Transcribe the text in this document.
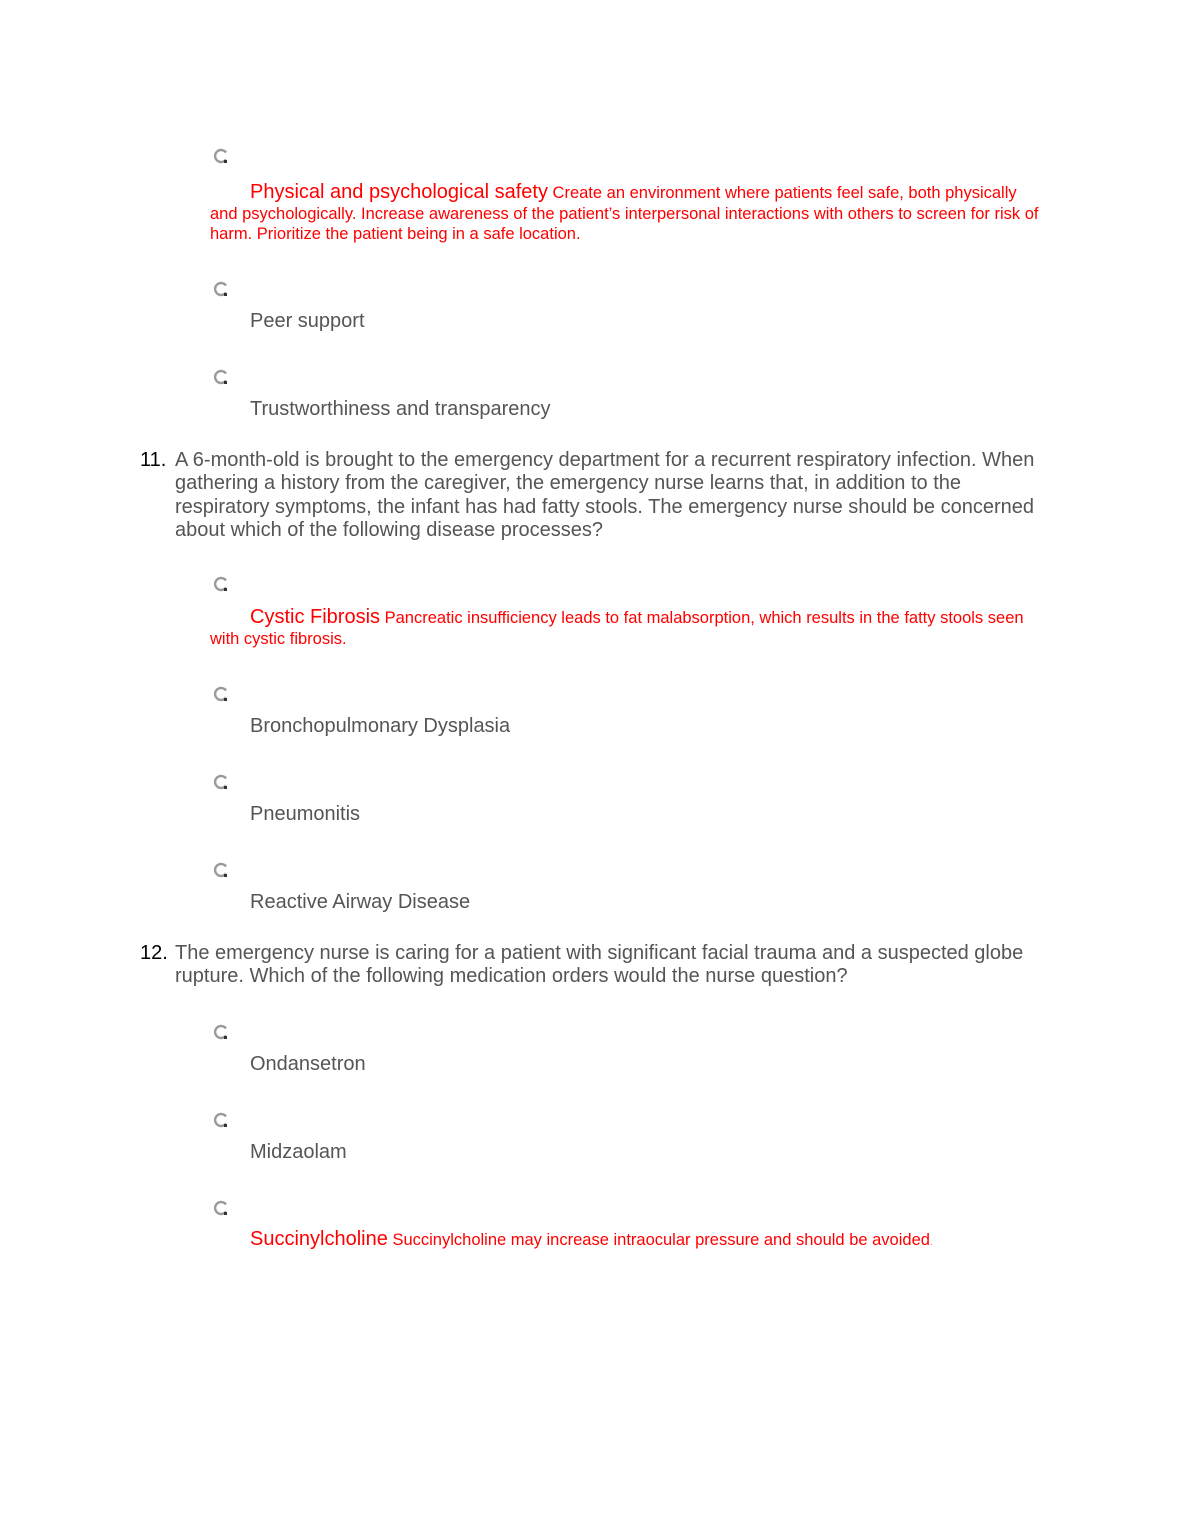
Physical and psychological safety Create an environment where patients feel safe, both physically and psychologically. Increase awareness of the patient’s interpersonal interactions with others to screen for risk of harm. Prioritize the patient being in a safe location.
Peer support
Trustworthiness and transparency
11. A 6-month-old is brought to the emergency department for a recurrent respiratory infection. When gathering a history from the caregiver, the emergency nurse learns that, in addition to the respiratory symptoms, the infant has had fatty stools. The emergency nurse should be concerned about which of the following disease processes?
Cystic Fibrosis Pancreatic insufficiency leads to fat malabsorption, which results in the fatty stools seen with cystic fibrosis.
Bronchopulmonary Dysplasia
Pneumonitis
Reactive Airway Disease
12. The emergency nurse is caring for a patient with significant facial trauma and a suspected globe rupture. Which of the following medication orders would the nurse question?
Ondansetron
Midzaolam
Succinylcholine Succinylcholine may increase intraocular pressure and should be avoided.
